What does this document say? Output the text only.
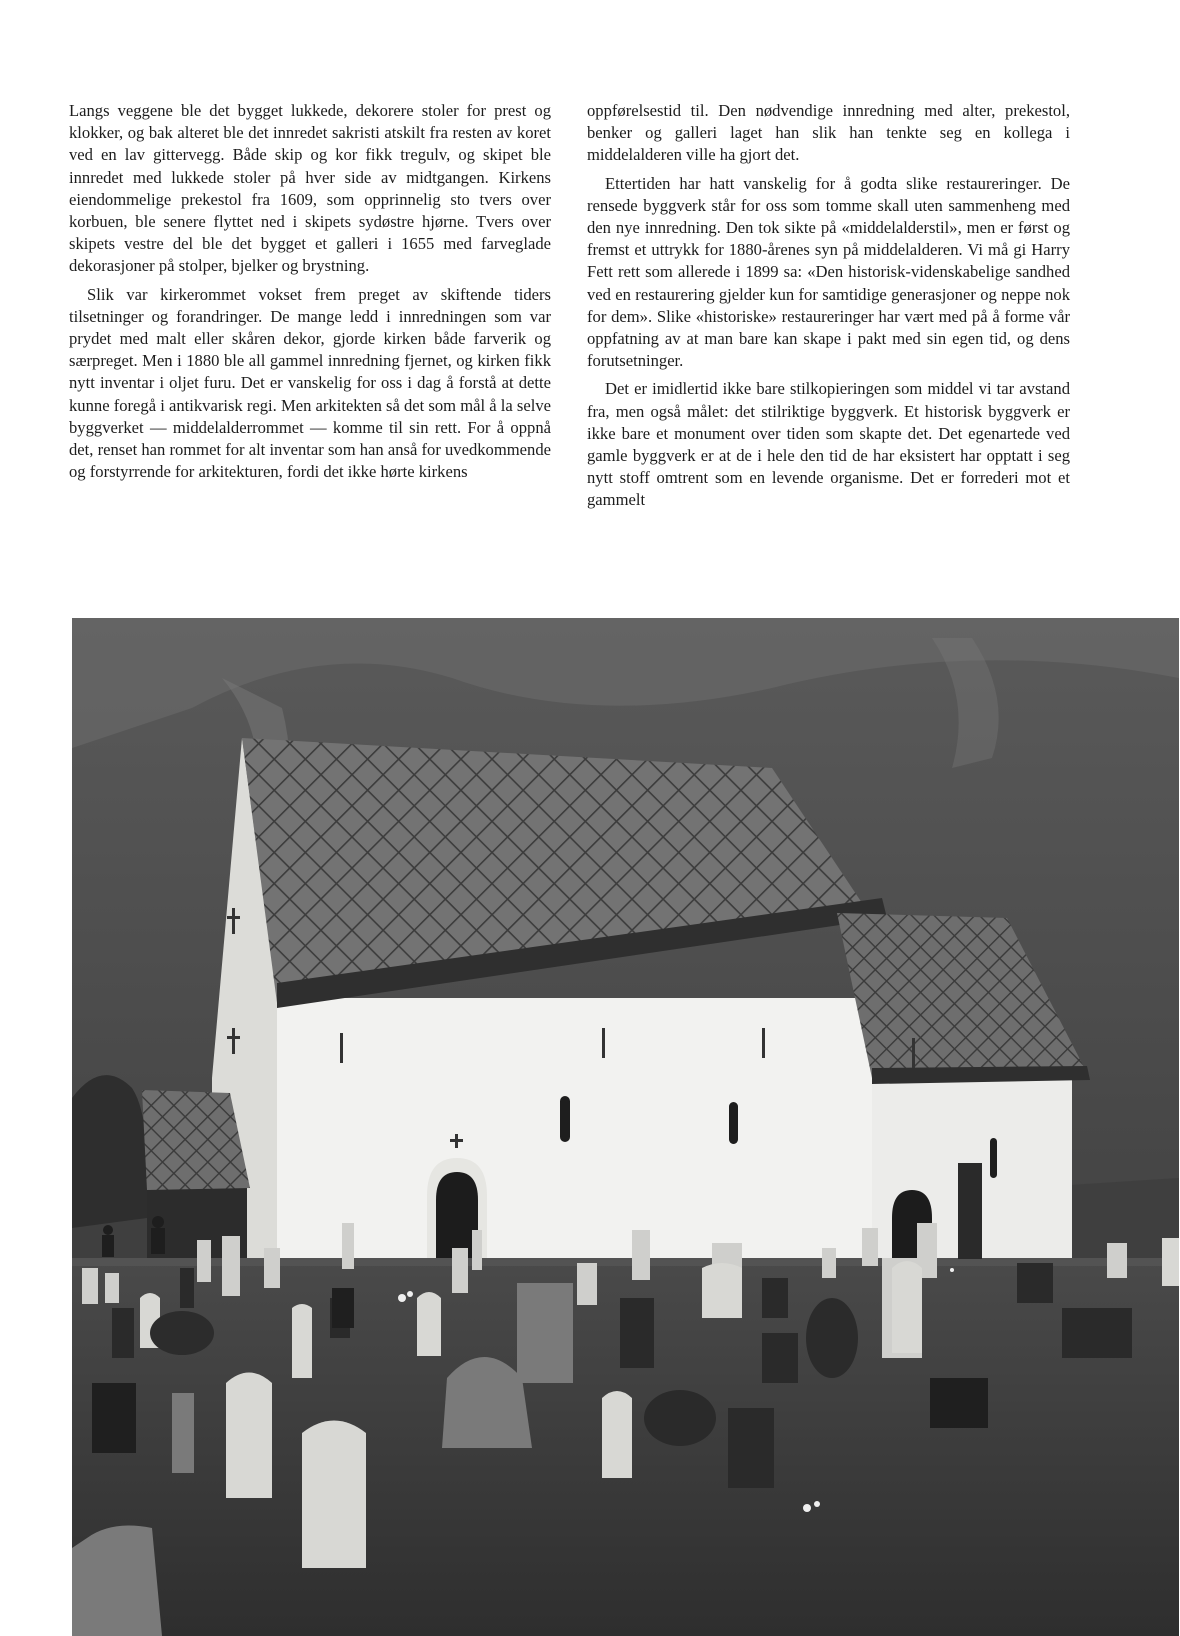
Langs veggene ble det bygget lukkede, dekorere stoler for prest og klokker, og bak alteret ble det innredet sakristi atskilt fra resten av koret ved en lav gittervegg. Både skip og kor fikk tregulv, og skipet ble innredet med lukkede stoler på hver side av midtgangen. Kirkens eiendommelige prekestol fra 1609, som opprinnelig sto tvers over korbuen, ble senere flyttet ned i skipets sydøstre hjørne. Tvers over skipets vestre del ble det bygget et galleri i 1655 med farveglade dekorasjoner på stolper, bjelker og brystning.

Slik var kirkerommet vokset frem preget av skiftende tiders tilsetninger og forandringer. De mange ledd i innredningen som var prydet med malt eller skåren dekor, gjorde kirken både farverik og særpreget. Men i 1880 ble all gammel innredning fjernet, og kirken fikk nytt inventar i oljet furu. Det er vanskelig for oss i dag å forstå at dette kunne foregå i antikvarisk regi. Men arkitekten så det som mål å la selve byggverket — middelalderrommet — komme til sin rett. For å oppnå det, renset han rommet for alt inventar som han anså for uvedkommende og forstyrrende for arkitekturen, fordi det ikke hørte kirkens

oppførelsestid til. Den nødvendige innredning med alter, prekestol, benker og galleri laget han slik han tenkte seg en kollega i middelalderen ville ha gjort det.

Ettertiden har hatt vanskelig for å godta slike restaureringer. De rensede byggverk står for oss som tomme skall uten sammenheng med den nye innredning. Den tok sikte på «middelalderstil», men er først og fremst et uttrykk for 1880-årenes syn på middelalderen. Vi må gi Harry Fett rett som allerede i 1899 sa: «Den historisk-videnskabelige sandhed ved en restaurering gjelder kun for samtidige generasjoner og neppe nok for dem». Slike «historiske» restaureringer har vært med på å forme vår oppfatning av at man bare kan skape i pakt med sin egen tid, og dens forutsetninger.

Det er imidlertid ikke bare stilkopieringen som middel vi tar avstand fra, men også målet: det stilriktige byggverk. Et historisk byggverk er ikke bare et monument over tiden som skapte det. Det egenartede ved gamle byggverk er at de i hele den tid de har eksistert har opptatt i seg nytt stoff omtrent som en levende organisme. Det er forrederi mot et gammelt
